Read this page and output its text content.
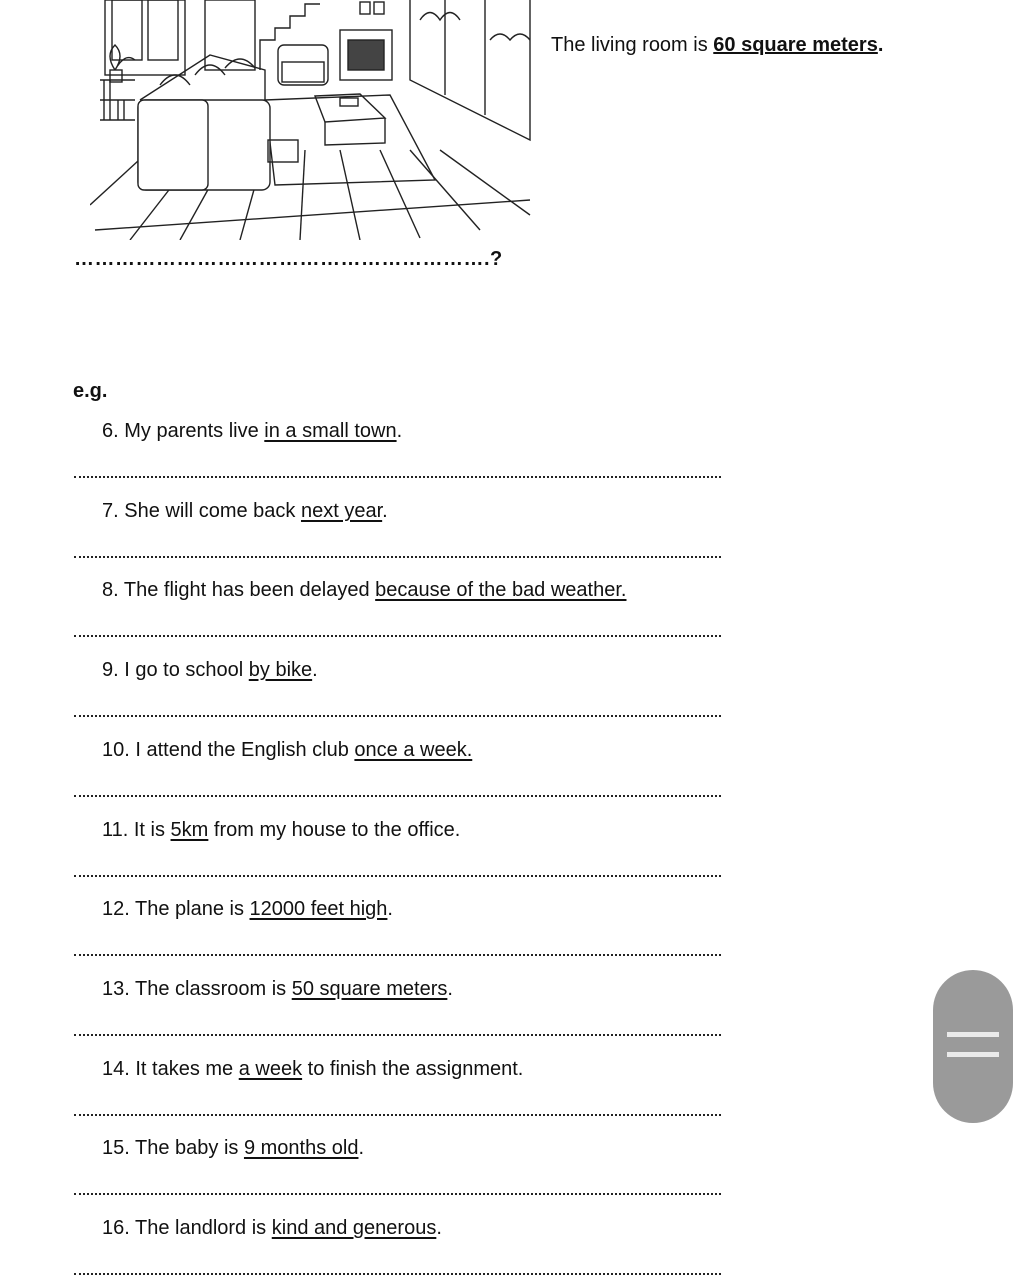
The living room is 60 square meters.
…………………………………………………….?
e.g.
6. My parents live in a small town.
7. She will come back next year.
8. The flight has been delayed because of the bad weather.
9. I go to school by bike.
10. I attend the English club once a week.
11. It is 5km from my house to the office.
12. The plane is 12000 feet high.
13. The classroom is 50 square meters.
14. It takes me a week to finish the assignment.
15. The baby is 9 months old.
16. The landlord is kind and generous.
